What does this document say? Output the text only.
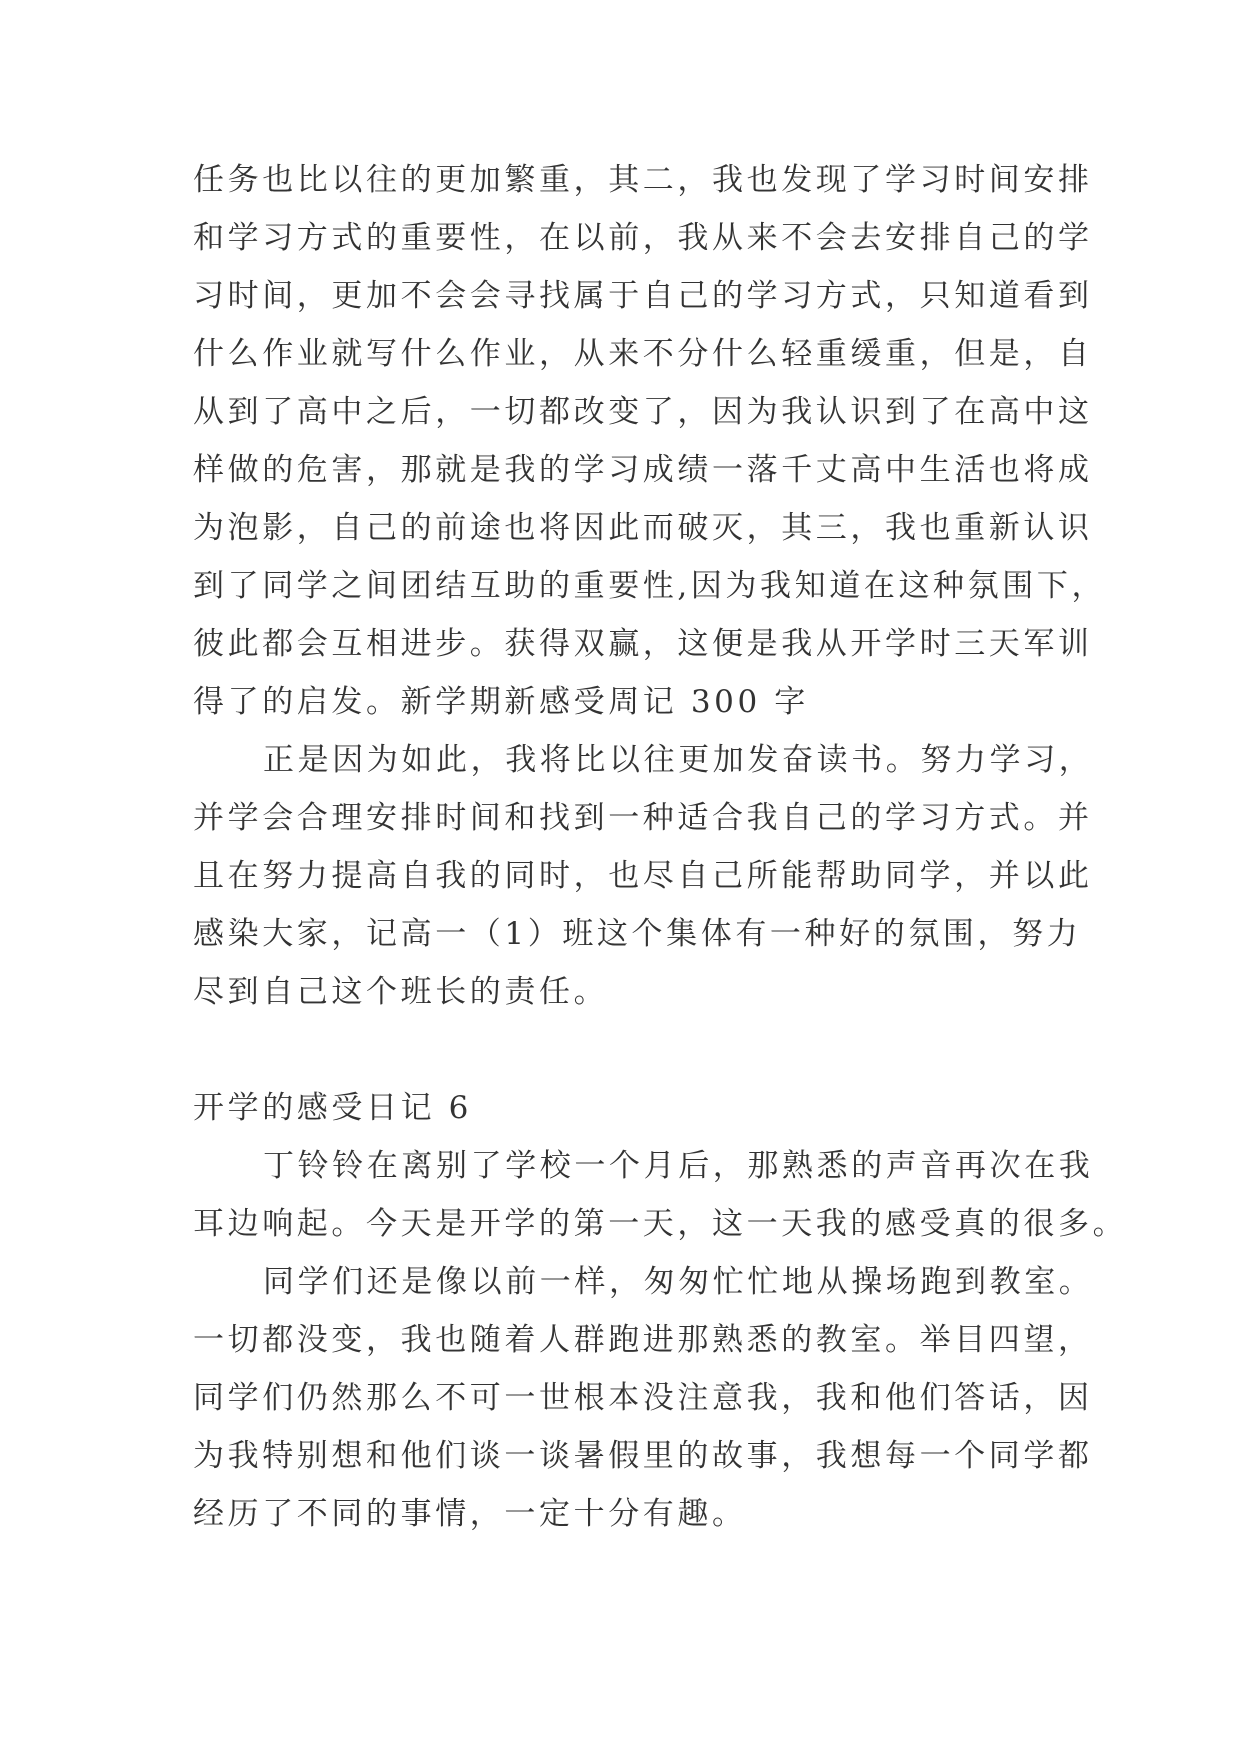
任务也比以往的更加繁重，其二，我也发现了学习时间安排
和学习方式的重要性，在以前，我从来不会去安排自己的学
习时间，更加不会会寻找属于自己的学习方式，只知道看到
什么作业就写什么作业，从来不分什么轻重缓重，但是，自
从到了高中之后，一切都改变了，因为我认识到了在高中这
样做的危害，那就是我的学习成绩一落千丈高中生活也将成
为泡影，自己的前途也将因此而破灭，其三，我也重新认识
到了同学之间团结互助的重要性,因为我知道在这种氛围下，
彼此都会互相进步。获得双赢，这便是我从开学时三天军训
得了的启发。新学期新感受周记 300 字
正是因为如此，我将比以往更加发奋读书。努力学习，
并学会合理安排时间和找到一种适合我自己的学习方式。并
且在努力提高自我的同时，也尽自己所能帮助同学，并以此
感染大家，记高一（1）班这个集体有一种好的氛围，努力
尽到自己这个班长的责任。
开学的感受日记 6
丁铃铃在离别了学校一个月后，那熟悉的声音再次在我
耳边响起。今天是开学的第一天，这一天我的感受真的很多。
同学们还是像以前一样，匆匆忙忙地从操场跑到教室。
一切都没变，我也随着人群跑进那熟悉的教室。举目四望，
同学们仍然那么不可一世根本没注意我，我和他们答话，因
为我特别想和他们谈一谈暑假里的故事，我想每一个同学都
经历了不同的事情，一定十分有趣。
